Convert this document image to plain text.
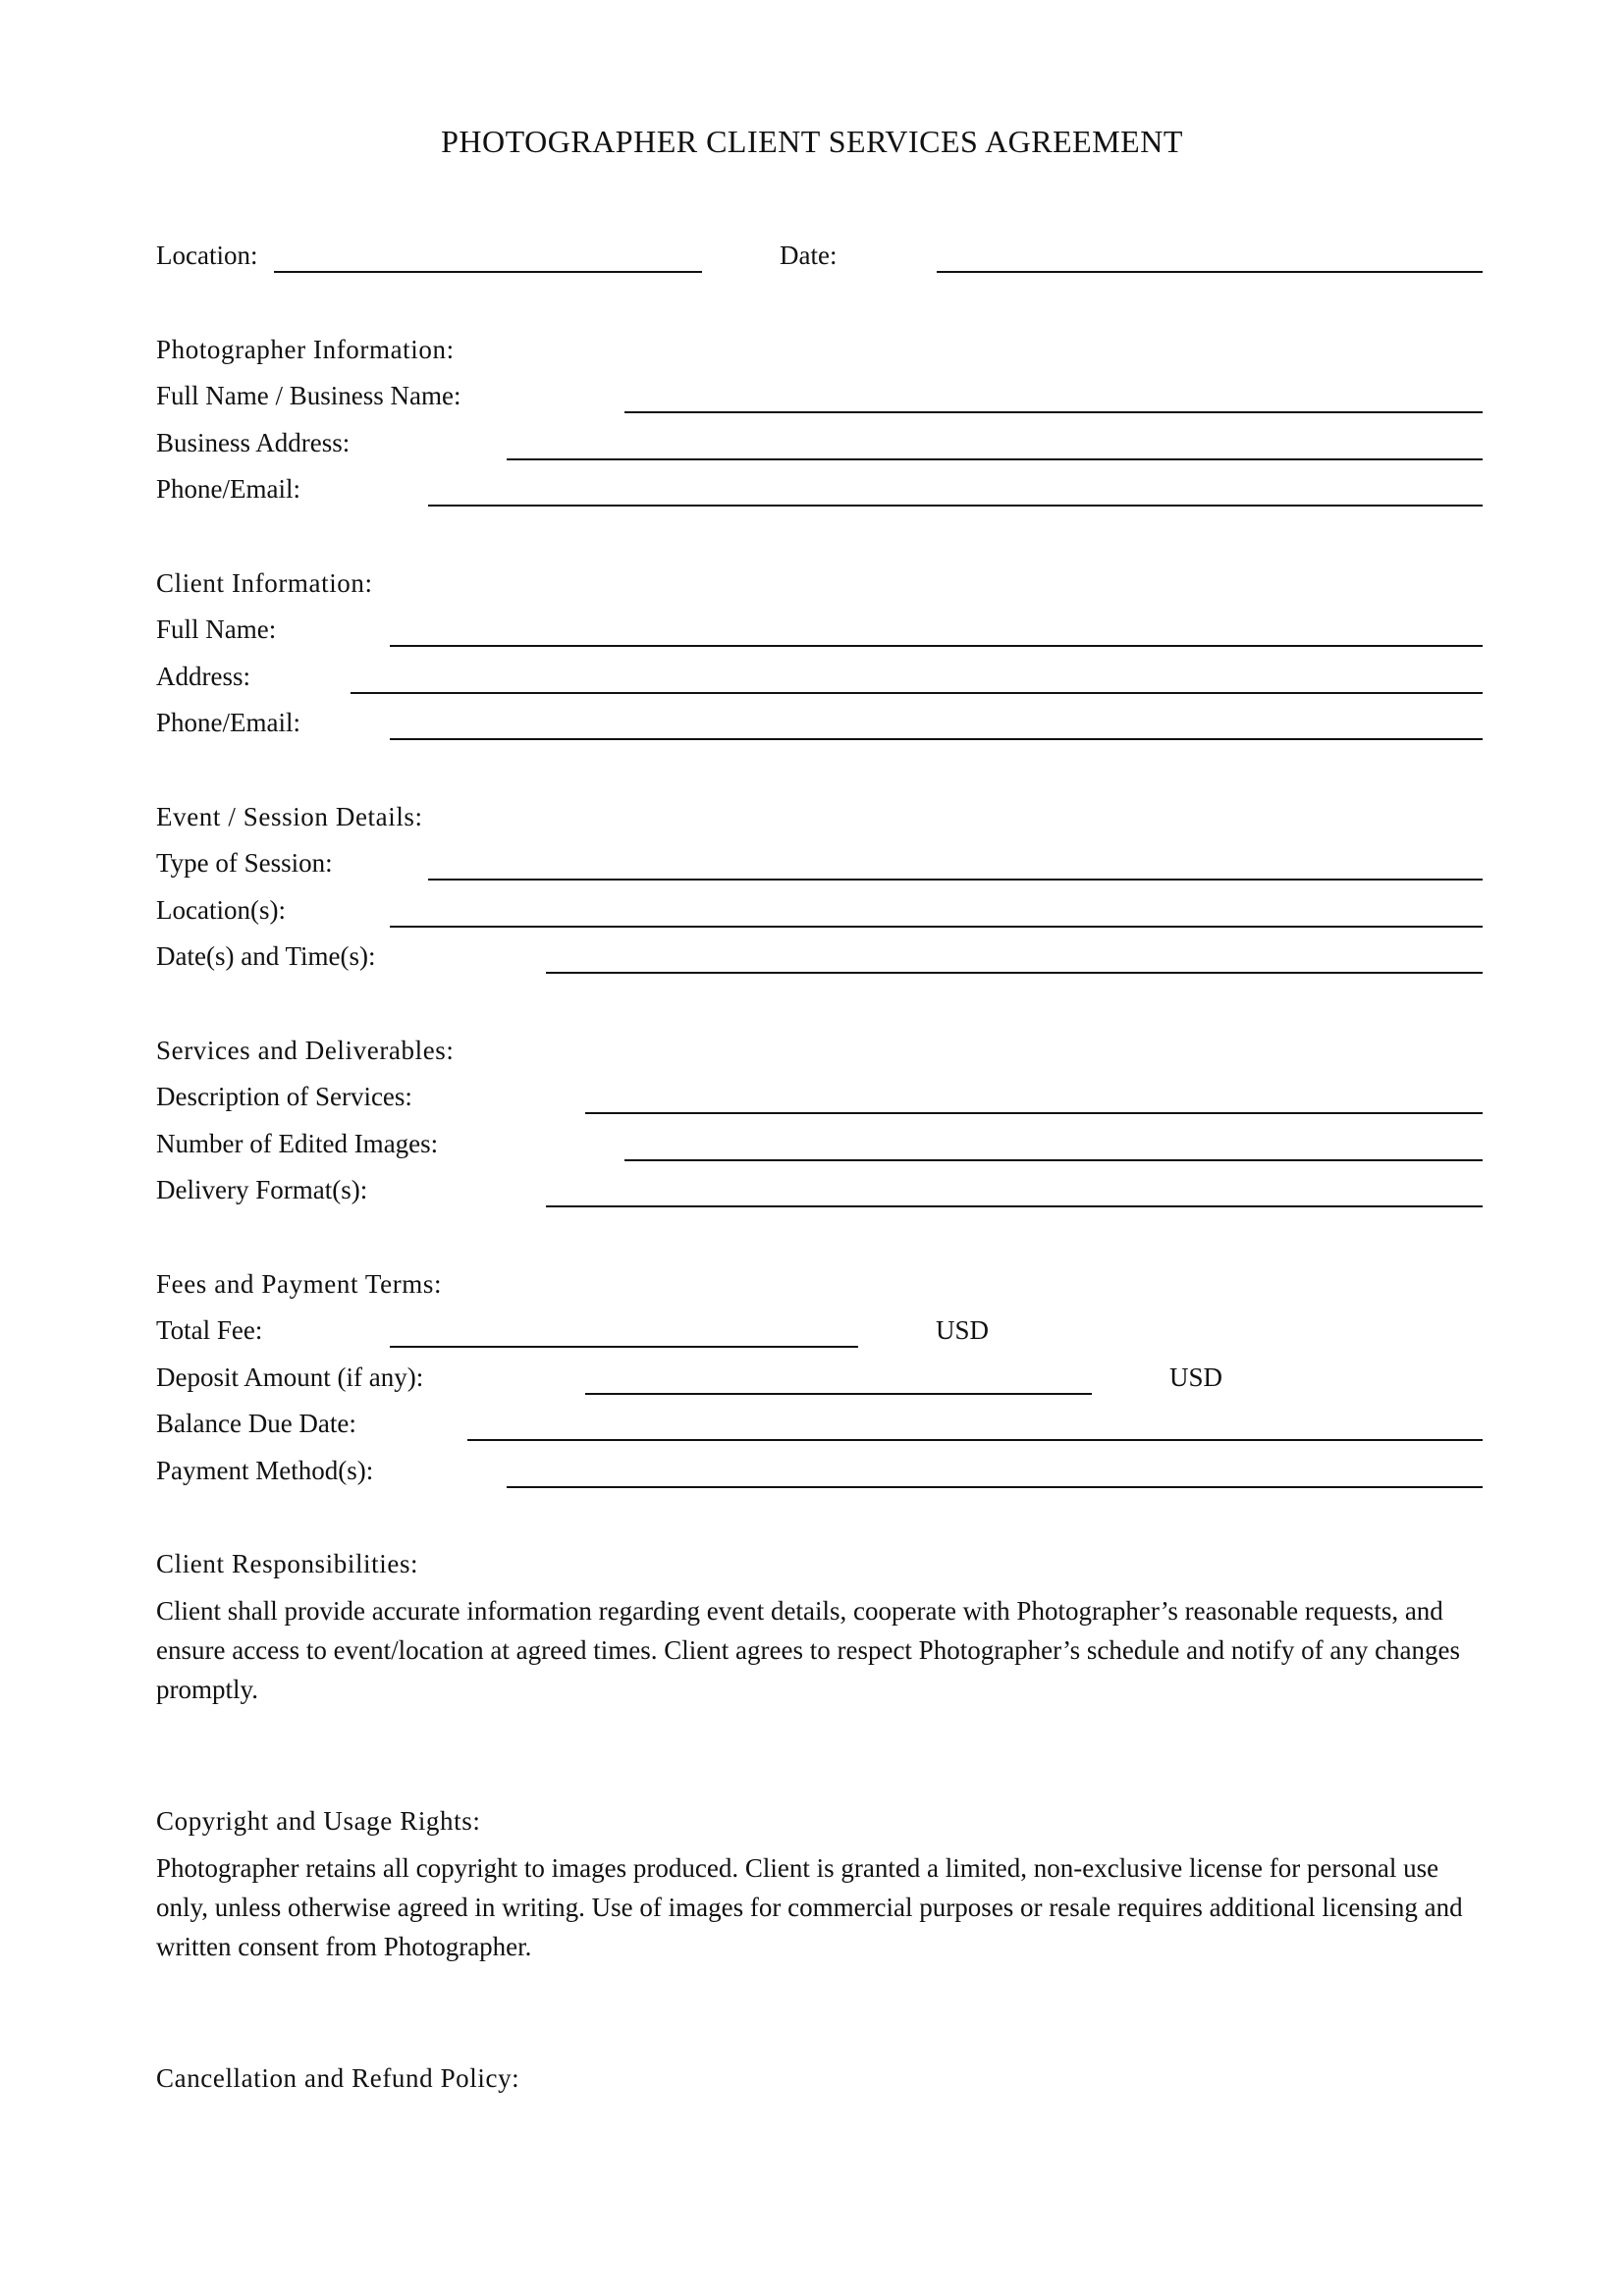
PHOTOGRAPHER CLIENT SERVICES AGREEMENT
Location:	Date:
Photographer Information:
Full Name / Business Name:
Business Address:
Phone/Email:
Client Information:
Full Name:
Address:
Phone/Email:
Event / Session Details:
Type of Session:
Location(s):
Date(s) and Time(s):
Services and Deliverables:
Description of Services:
Number of Edited Images:
Delivery Format(s):
Fees and Payment Terms:
Total Fee:	USD
Deposit Amount (if any):	USD
Balance Due Date:
Payment Method(s):
Client Responsibilities:
Client shall provide accurate information regarding event details, cooperate with Photographer’s reasonable requests, and ensure access to event/location at agreed times. Client agrees to respect Photographer’s schedule and notify of any changes promptly.
Copyright and Usage Rights:
Photographer retains all copyright to images produced. Client is granted a limited, non-exclusive license for personal use only, unless otherwise agreed in writing. Use of images for commercial purposes or resale requires additional licensing and written consent from Photographer.
Cancellation and Refund Policy:
